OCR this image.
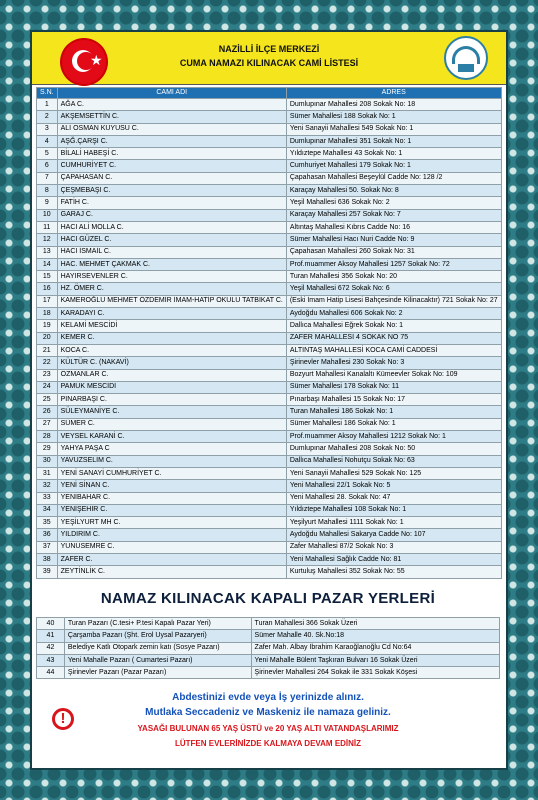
★
NAZİLLİ İLÇE MERKEZİ
CUMA NAMAZI KILINACAK CAMİ LİSTESİ
S.N.	CAMİ ADI	ADRES
1	AĞA C.	Dumlupınar Mahallesi 208 Sokak No: 18
2	AKŞEMSETTİN C.	Sümer Mahallesi 188 Sokak No: 1
3	ALİ OSMAN KUYUSU C.	Yeni Sanayii Mahallesi 549 Sokak No: 1
4	AŞĞ.ÇARŞI C.	Dumlupınar Mahallesi 351 Sokak No: 1
5	BİLALİ HABEŞİ C.	Yıldıztepe Mahallesi 43 Sokak No: 1
6	CUMHURİYET C.	Cumhuriyet Mahallesi 179 Sokak No: 1
7	ÇAPAHASAN C.	Çapahasan Mahallesi Beşeylül Cadde No: 128 /2
8	ÇEŞMEBAŞI C.	Karaçay Mahallesi 50. Sokak No: 8
9	FATİH C.	Yeşil Mahallesi 636 Sokak No: 2
10	GARAJ C.	Karaçay Mahallesi 257 Sokak No: 7
11	HACI ALİ MOLLA C.	Altıntaş Mahallesi Kıbrıs Cadde No: 16
12	HACI GÜZEL C.	Sümer Mahallesi Hacı Nuri Cadde No: 9
13	HACI İSMAİL C.	Çapahasan Mahallesi 260 Sokak No: 31
14	HAC. MEHMET ÇAKMAK C.	Prof.muammer Aksoy Mahallesi 1257 Sokak No: 72
15	HAYIRSEVENLER C.	Turan Mahallesi 356 Sokak No: 20
16	HZ. ÖMER C.	Yeşil Mahallesi 672 Sokak No: 6
17	KAMEROĞLU MEHMET ÖZDEMİR İMAM-HATİP OKULU TATBİKAT C.	(Eski İmam Hatip Lisesi Bahçesinde Kilinacaktır) 721 Sokak No: 27
18	KARADAYI C.	Aydoğdu Mahallesi 606 Sokak No: 2
19	KELAMİ MESCİDİ	Dallıca Mahallesi Eğrek Sokak No: 1
20	KEMER C.	ZAFER MAHALLESİ 4 SOKAK NO 75
21	KOCA C.	ALTINTAŞ MAHALLESİ KOCA CAMİ CADDESİ
22	KÜLTÜR C. (NAKAVİ)	Şirinevler Mahallesi 230 Sokak No: 3
23	ÖZMANLAR C.	Bozyurt Mahallesi Kanalaltı Kümeevler Sokak No: 109
24	PAMUK MESCİDİ	Sümer Mahallesi 178 Sokak No: 11
25	PINARBAŞI C.	Pınarbaşı Mahallesi 15 Sokak No: 17
26	SÜLEYMANİYE C.	Turan Mahallesi 186 Sokak No: 1
27	SÜMER C.	Sümer Mahallesi 186 Sokak No: 1
28	VEYSEL KARANİ C.	Prof.muammer Aksoy Mahallesi 1212 Sokak No: 1
29	YAHYA PAŞA C	Dumlupınar Mahallesi 208 Sokak No: 50
30	YAVUZSELİM C.	Dallıca Mahallesi Nohutçu Sokak No: 63
31	YENİ SANAYİ CUMHURİYET C.	Yeni Sanayii Mahallesi 529 Sokak No: 125
32	YENİ SİNAN C.	Yeni Mahallesi 22/1 Sokak No: 5
33	YENİBAHAR C.	Yeni Mahallesi 28. Sokak No: 47
34	YENİŞEHİR C.	Yıldıztepe Mahallesi 108 Sokak No: 1
35	YEŞİLYURT MH C.	Yeşilyurt Mahallesi 1111 Sokak No: 1
36	YILDIRIM C.	Aydoğdu Mahallesi Sakarya Cadde No: 107
37	YUNUSEMRE C.	Zafer Mahallesi 87/2 Sokak No: 3
38	ZAFER C.	Yeni Mahallesi Sağlık Cadde No: 81
39	ZEYTİNLİK C.	Kurtuluş Mahallesi 352 Sokak No: 55
NAMAZ KILINACAK KAPALI PAZAR YERLERİ
40	Turan Pazarı (C.tesi+ P.tesi Kapalı Pazar Yeri)	Turan Mahallesi 366 Sokak Üzeri
41	Çarşamba Pazarı (Şht. Erol Uysal Pazaryeri)	Sümer Mahalle 40. Sk.No:18
42	Belediye Katlı Otopark zemin katı (Sosye Pazarı)	Zafer Mah. Albay İbrahim Karaoğlanoğlu Cd No:64
43	Yeni Mahalle Pazarı ( Cumartesi Pazarı)	Yeni Mahalle Bülent Taşkıran Bulvarı 16 Sokak Üzeri
44	Şirinevler Pazarı (Pazar Pazarı)	Şirinevler Mahallesi 264 Sokak ile 331 Sokak Köşesi
!
Abdestinizi evde veya İş yerinizde alınız.
Mutlaka Seccadeniz ve Maskeniz ile namaza geliniz.
YASAĞI BULUNAN 65 YAŞ ÜSTÜ ve 20 YAŞ ALTI VATANDAŞLARIMIZ
LÜTFEN EVLERİNİZDE KALMAYA DEVAM EDİNİZ
